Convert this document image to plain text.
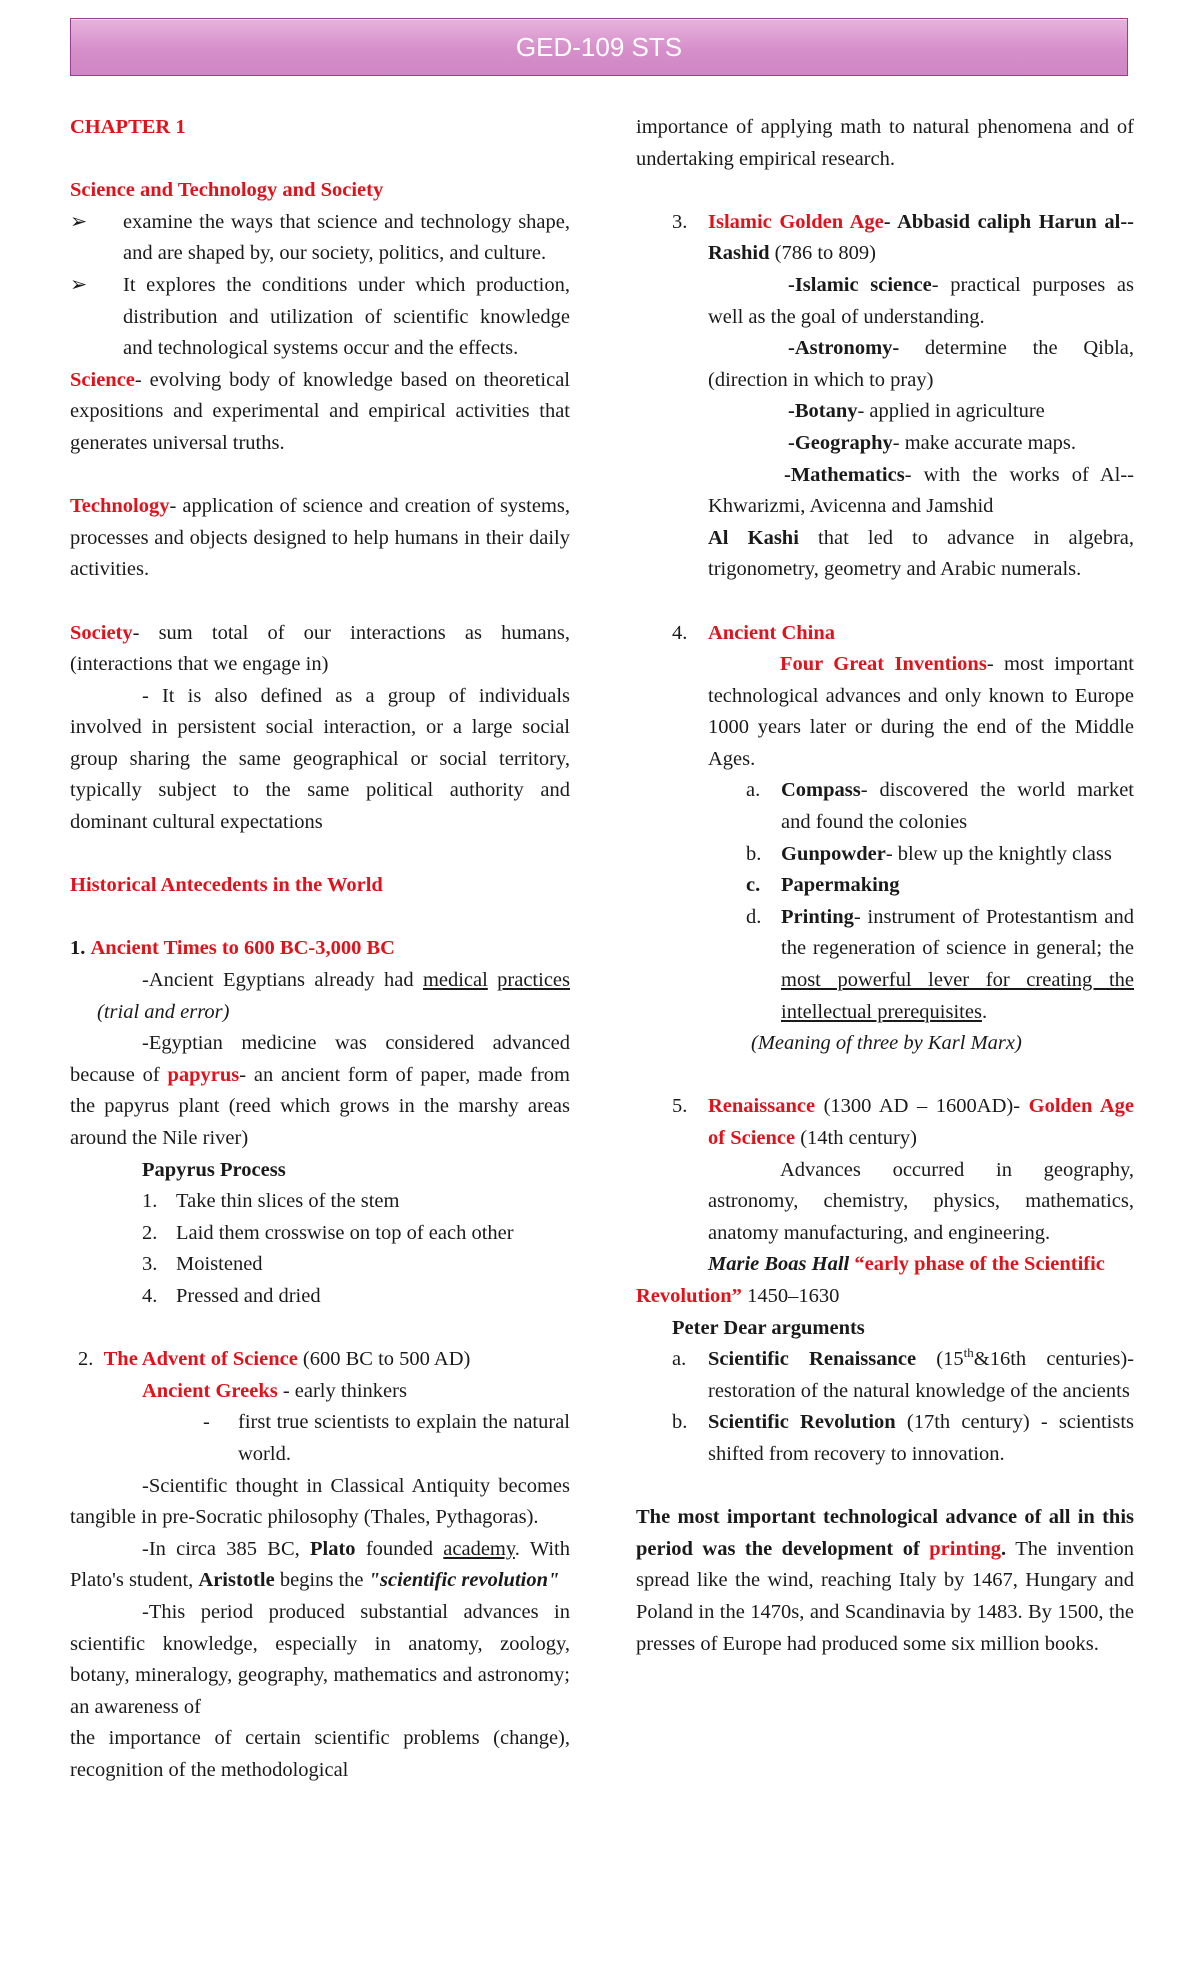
GED-109 STS

CHAPTER 1

Science and Technology and Society

➢	examine the ways that science and technology shape, and are shaped by, our society, politics, and culture.

➢	It explores the conditions under which production, distribution and utilization of scientific knowledge and technological systems occur and the effects.

Science- evolving body of knowledge based on theoretical expositions and experimental and empirical activities that generates universal truths.

Technology- application of science and creation of systems, processes and objects designed to help humans in their daily activities.

Society- sum total of our interactions as humans, (interactions that we engage in)

- It is also defined as a group of individuals involved in persistent social interaction, or a large social group sharing the same geographical or social territory, typically subject to the same political authority and dominant cultural expectations

Historical Antecedents in the World

1. Ancient Times to 600 BC-3,000 BC

-Ancient Egyptians already had medical practices (trial and error)

-Egyptian medicine was considered advanced because of papyrus- an ancient form of paper, made from the papyrus plant (reed which grows in the marshy areas around the Nile river)

Papyrus Process

1. Take thin slices of the stem
2. Laid them crosswise on top of each other
3. Moistened
4. Pressed and dried

2. The Advent of Science (600 BC to 500 AD)

Ancient Greeks - early thinkers

- first true scientists to explain the natural world.

-Scientific thought in Classical Antiquity becomes tangible in pre-Socratic philosophy (Thales, Pythagoras).

-In circa 385 BC, Plato founded academy. With Plato's student, Aristotle begins the "scientific revolution"

-This period produced substantial advances in scientific knowledge, especially in anatomy, zoology, botany, mineralogy, geography, mathematics and astronomy; an awareness of

the importance of certain scientific problems (change), recognition of the methodological

importance of applying math to natural phenomena and of undertaking empirical research.

3. Islamic Golden Age- Abbasid caliph Harun al--Rashid (786 to 809)

-Islamic science- practical purposes as well as the goal of understanding.

-Astronomy- determine the Qibla, (direction in which to pray)

-Botany- applied in agriculture

-Geography- make accurate maps.

-Mathematics- with the works of Al--Khwarizmi, Avicenna and Jamshid

Al Kashi that led to advance in algebra, trigonometry, geometry and Arabic numerals.

4. Ancient China

Four Great Inventions- most important technological advances and only known to Europe 1000 years later or during the end of the Middle Ages.

a. Compass- discovered the world market and found the colonies

b. Gunpowder- blew up the knightly class

c. Papermaking

d. Printing- instrument of Protestantism and the regeneration of science in general; the most powerful lever for creating the intellectual prerequisites.

(Meaning of three by Karl Marx)

5. Renaissance (1300 AD – 1600AD)- Golden Age of Science (14th century)

Advances occurred in geography, astronomy, chemistry, physics, mathematics, anatomy manufacturing, and engineering.

Marie Boas Hall “early phase of the Scientific Revolution” 1450–1630

Peter Dear arguments

a. Scientific Renaissance (15th&16th centuries)- restoration of the natural knowledge of the ancients

b. Scientific Revolution (17th century) - scientists shifted from recovery to innovation.

The most important technological advance of all in this period was the development of printing. The invention spread like the wind, reaching Italy by 1467, Hungary and Poland in the 1470s, and Scandinavia by 1483. By 1500, the presses of Europe had produced some six million books.
